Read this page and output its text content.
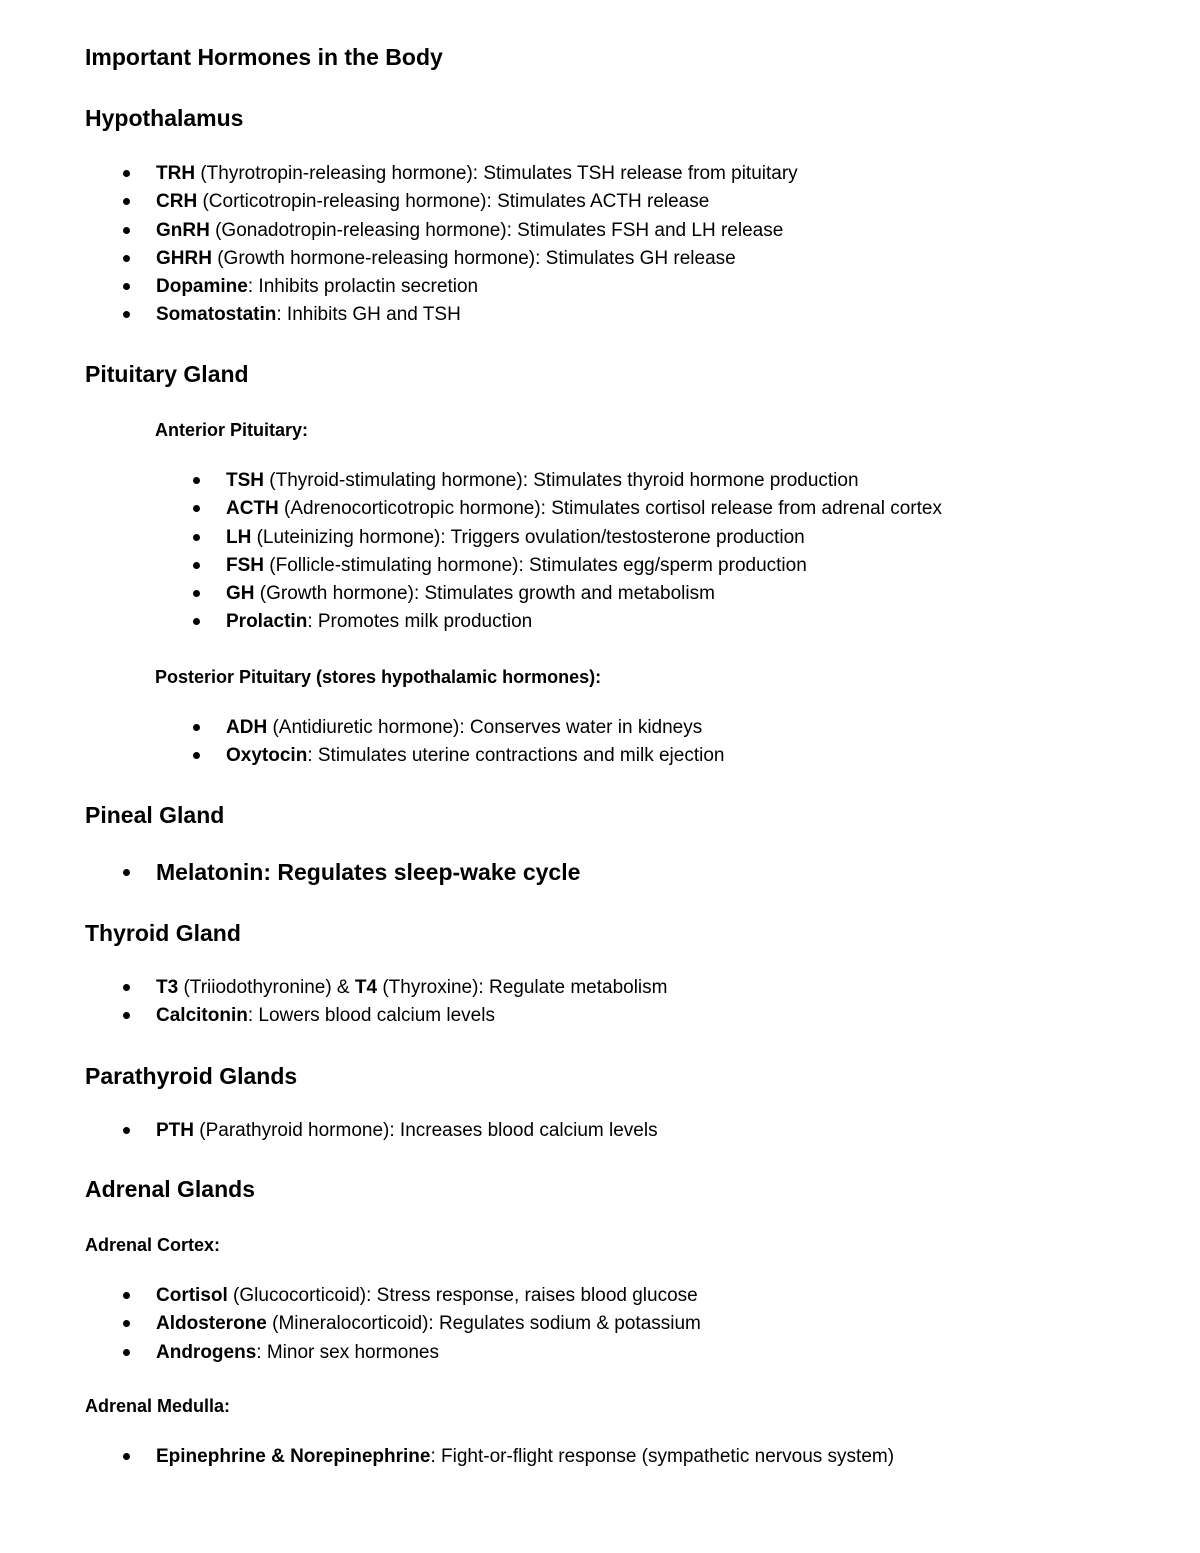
Important Hormones in the Body
Hypothalamus
TRH (Thyrotropin-releasing hormone): Stimulates TSH release from pituitary
CRH (Corticotropin-releasing hormone): Stimulates ACTH release
GnRH (Gonadotropin-releasing hormone): Stimulates FSH and LH release
GHRH (Growth hormone-releasing hormone): Stimulates GH release
Dopamine: Inhibits prolactin secretion
Somatostatin: Inhibits GH and TSH
Pituitary Gland
Anterior Pituitary:
TSH (Thyroid-stimulating hormone): Stimulates thyroid hormone production
ACTH (Adrenocorticotropic hormone): Stimulates cortisol release from adrenal cortex
LH (Luteinizing hormone): Triggers ovulation/testosterone production
FSH (Follicle-stimulating hormone): Stimulates egg/sperm production
GH (Growth hormone): Stimulates growth and metabolism
Prolactin: Promotes milk production
Posterior Pituitary (stores hypothalamic hormones):
ADH (Antidiuretic hormone): Conserves water in kidneys
Oxytocin: Stimulates uterine contractions and milk ejection
Pineal Gland
Melatonin: Regulates sleep-wake cycle
Thyroid Gland
T3 (Triiodothyronine) & T4 (Thyroxine): Regulate metabolism
Calcitonin: Lowers blood calcium levels
Parathyroid Glands
PTH (Parathyroid hormone): Increases blood calcium levels
Adrenal Glands
Adrenal Cortex:
Cortisol (Glucocorticoid): Stress response, raises blood glucose
Aldosterone (Mineralocorticoid): Regulates sodium & potassium
Androgens: Minor sex hormones
Adrenal Medulla:
Epinephrine & Norepinephrine: Fight-or-flight response (sympathetic nervous system)
